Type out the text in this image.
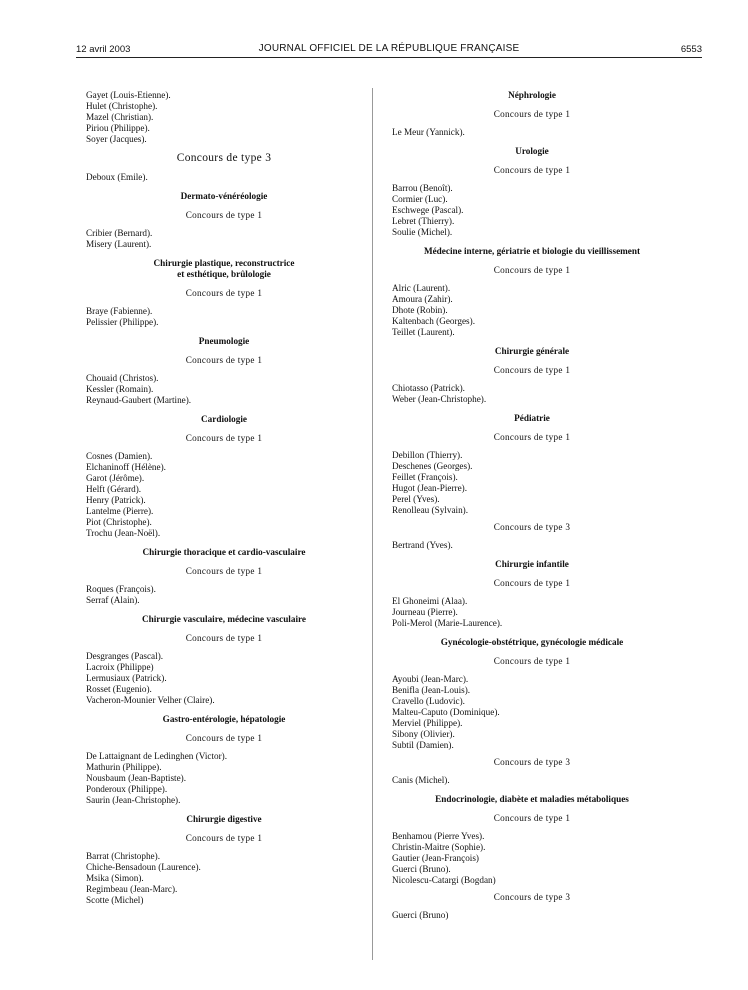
12 avril 2003	JOURNAL OFFICIEL DE LA RÉPUBLIQUE FRANÇAISE	6553
Gayet (Louis-Etienne).
Hulet (Christophe).
Mazel (Christian).
Piriou (Philippe).
Soyer (Jacques).
Concours de type 3
Deboux (Emile).
Dermato-vénéréologie
Concours de type 1
Cribier (Bernard).
Misery (Laurent).
Chirurgie plastique, reconstructrice
et esthétique, brûlologie
Concours de type 1
Braye (Fabienne).
Pelissier (Philippe).
Pneumologie
Concours de type 1
Chouaid (Christos).
Kessler (Romain).
Reynaud-Gaubert (Martine).
Cardiologie
Concours de type 1
Cosnes (Damien).
Elchaninoff (Hélène).
Garot (Jérôme).
Helft (Gérard).
Henry (Patrick).
Lantelme (Pierre).
Piot (Christophe).
Trochu (Jean-Noël).
Chirurgie thoracique et cardio-vasculaire
Concours de type 1
Roques (François).
Serraf (Alain).
Chirurgie vasculaire, médecine vasculaire
Concours de type 1
Desgranges (Pascal).
Lacroix (Philippe)
Lermusiaux (Patrick).
Rosset (Eugenio).
Vacheron-Mounier Velher (Claire).
Gastro-entérologie, hépatologie
Concours de type 1
De Lattaignant de Ledinghen (Victor).
Mathurin (Philippe).
Nousbaum (Jean-Baptiste).
Ponderoux (Philippe).
Saurin (Jean-Christophe).
Chirurgie digestive
Concours de type 1
Barrat (Christophe).
Chiche-Bensadoun (Laurence).
Msika (Simon).
Regimbeau (Jean-Marc).
Scotte (Michel)
Néphrologie
Concours de type 1
Le Meur (Yannick).
Urologie
Concours de type 1
Barrou (Benoît).
Cormier (Luc).
Eschwege (Pascal).
Lebret (Thierry).
Soulie (Michel).
Médecine interne, gériatrie et biologie du vieillissement
Concours de type 1
Alric (Laurent).
Amoura (Zahir).
Dhote (Robin).
Kaltenbach (Georges).
Teillet (Laurent).
Chirurgie générale
Concours de type 1
Chiotasso (Patrick).
Weber (Jean-Christophe).
Pédiatrie
Concours de type 1
Debillon (Thierry).
Deschenes (Georges).
Feillet (François).
Hugot (Jean-Pierre).
Perel (Yves).
Renolleau (Sylvain).
Concours de type 3
Bertrand (Yves).
Chirurgie infantile
Concours de type 1
El Ghoneimi (Alaa).
Journeau (Pierre).
Poli-Merol (Marie-Laurence).
Gynécologie-obstétrique, gynécologie médicale
Concours de type 1
Ayoubi (Jean-Marc).
Benifla (Jean-Louis).
Cravello (Ludovic).
Malteu-Caputo (Dominique).
Merviel (Philippe).
Sibony (Olivier).
Subtil (Damien).
Concours de type 3
Canis (Michel).
Endocrinologie, diabète et maladies métaboliques
Concours de type 1
Benhamou (Pierre Yves).
Christin-Maitre (Sophie).
Gautier (Jean-François)
Guerci (Bruno).
Nicolescu-Catargi (Bogdan)
Concours de type 3
Guerci (Bruno)
